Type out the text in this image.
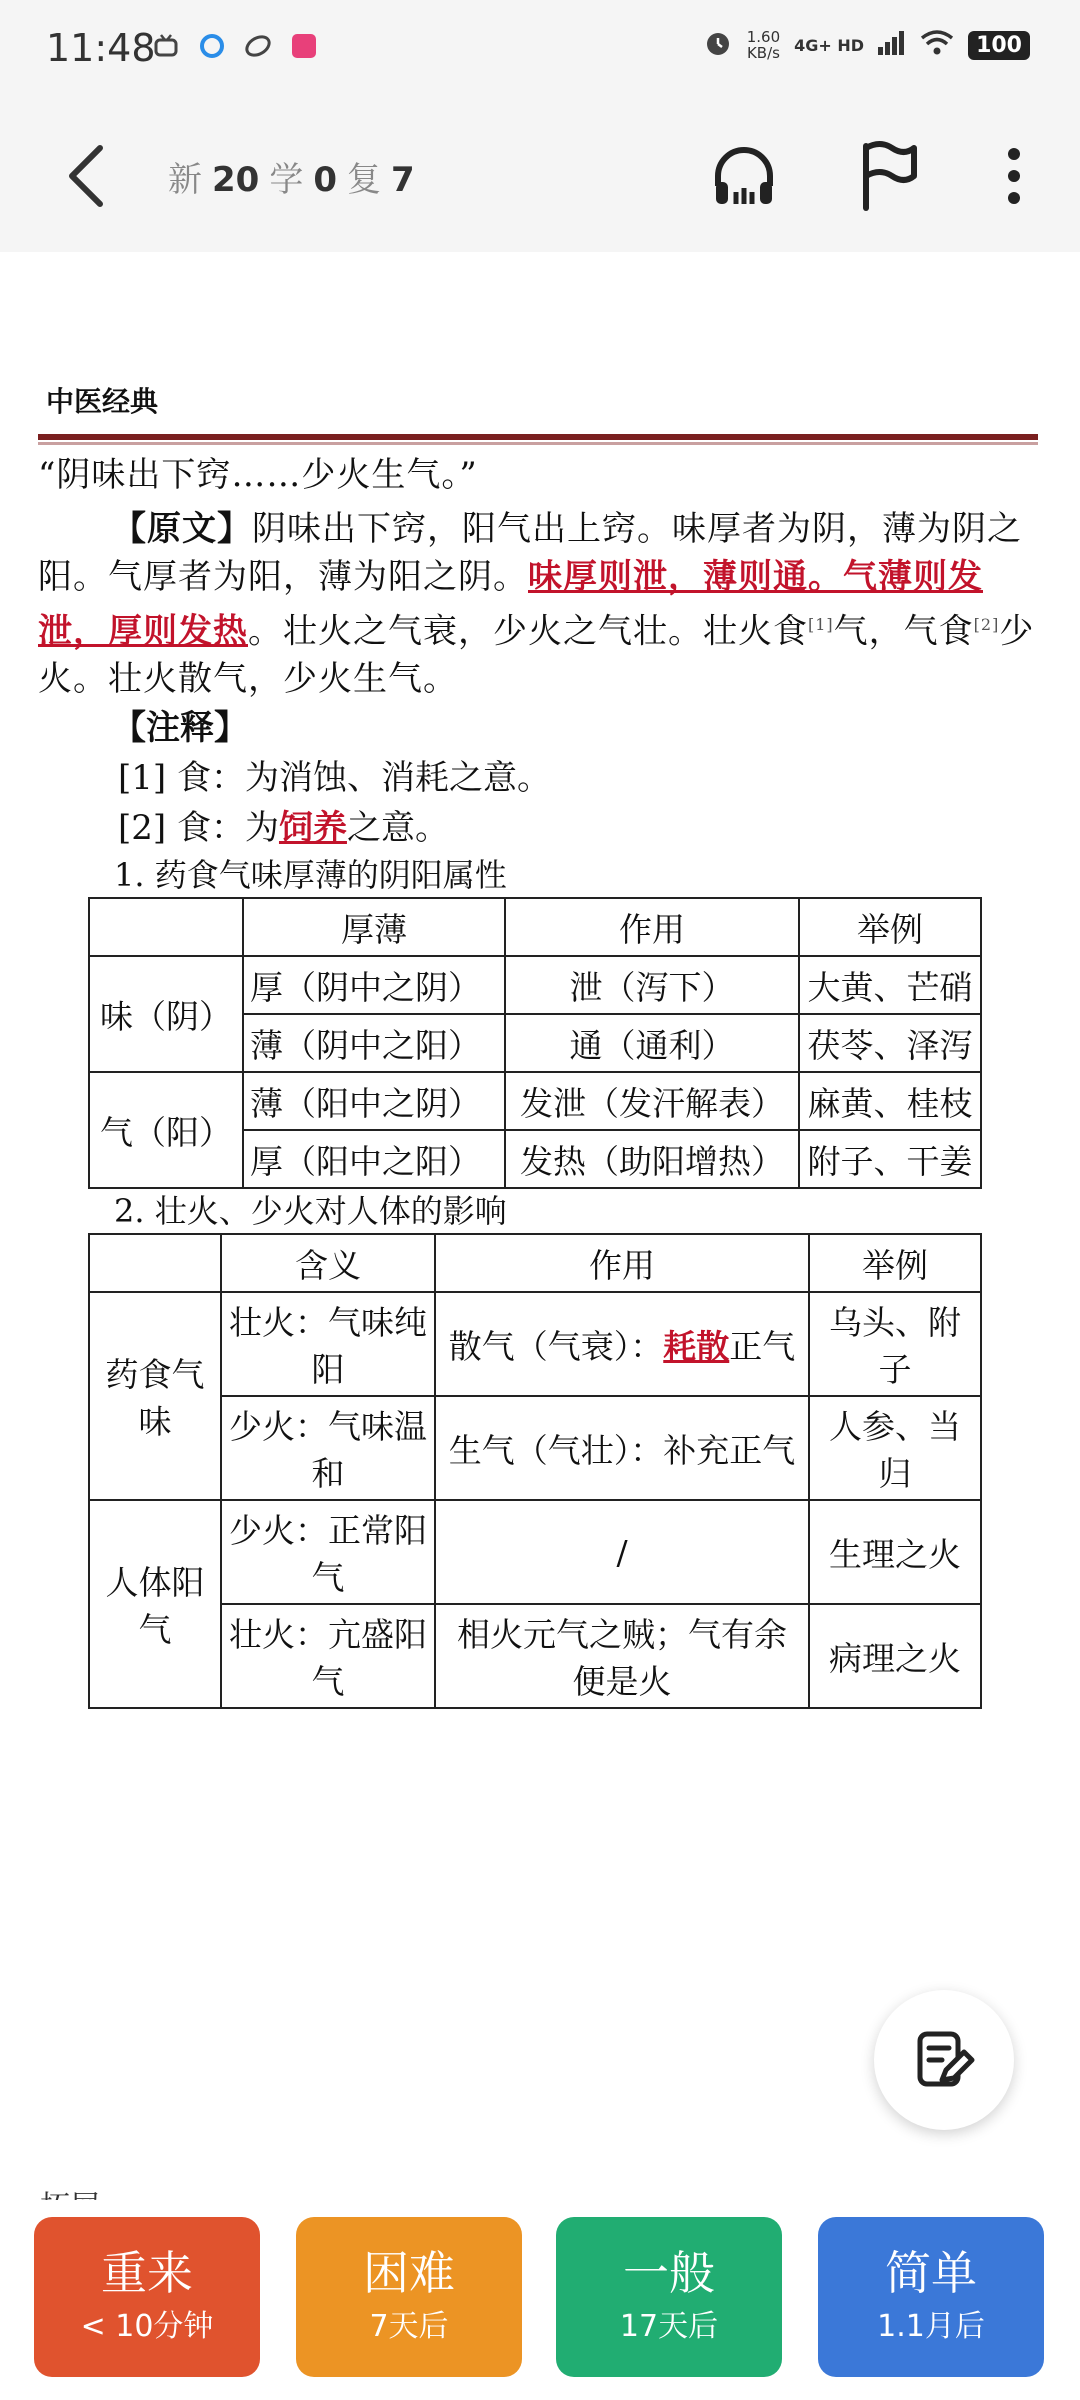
11:48	1.60
KB/s 4G+ HD	100
新 20 学 0 复 7
中医经典
“阴味出下窍……少火生气。”
【原文】阴味出下窍，阳气出上窍。味厚者为阴，薄为阴之阳。气厚者为阳，薄为阳之阴。味厚则泄，薄则通。气薄则发泄，厚则发热。壮火之气衰，少火之气壮。壮火食[1]气，气食[2]少火。壮火散气，少火生气。
【注释】
[1] 食：为消蚀、消耗之意。
[2] 食：为饲养之意。
1. 药食气味厚薄的阴阳属性
	厚薄	作用	举例
味（阴）	厚（阴中之阴）	泄（泻下）	大黄、芒硝
	薄（阴中之阳）	通（通利）	茯苓、泽泻
气（阳）	薄（阳中之阴）	发泄（发汗解表）	麻黄、桂枝
	厚（阳中之阳）	发热（助阳增热）	附子、干姜
2. 壮火、少火对人体的影响
	含义	作用	举例
药食气味	壮火：气味纯阳	散气（气衰）：耗散正气	乌头、附子
	少火：气味温和	生气（气壮）：补充正气	人参、当归
人体阳气	少火：正常阳气	/	生理之火
	壮火：亢盛阳气	相火元气之贼；气有余便是火	病理之火
重来
< 10分钟
困难
7天后
一般
17天后
简单
1.1月后
